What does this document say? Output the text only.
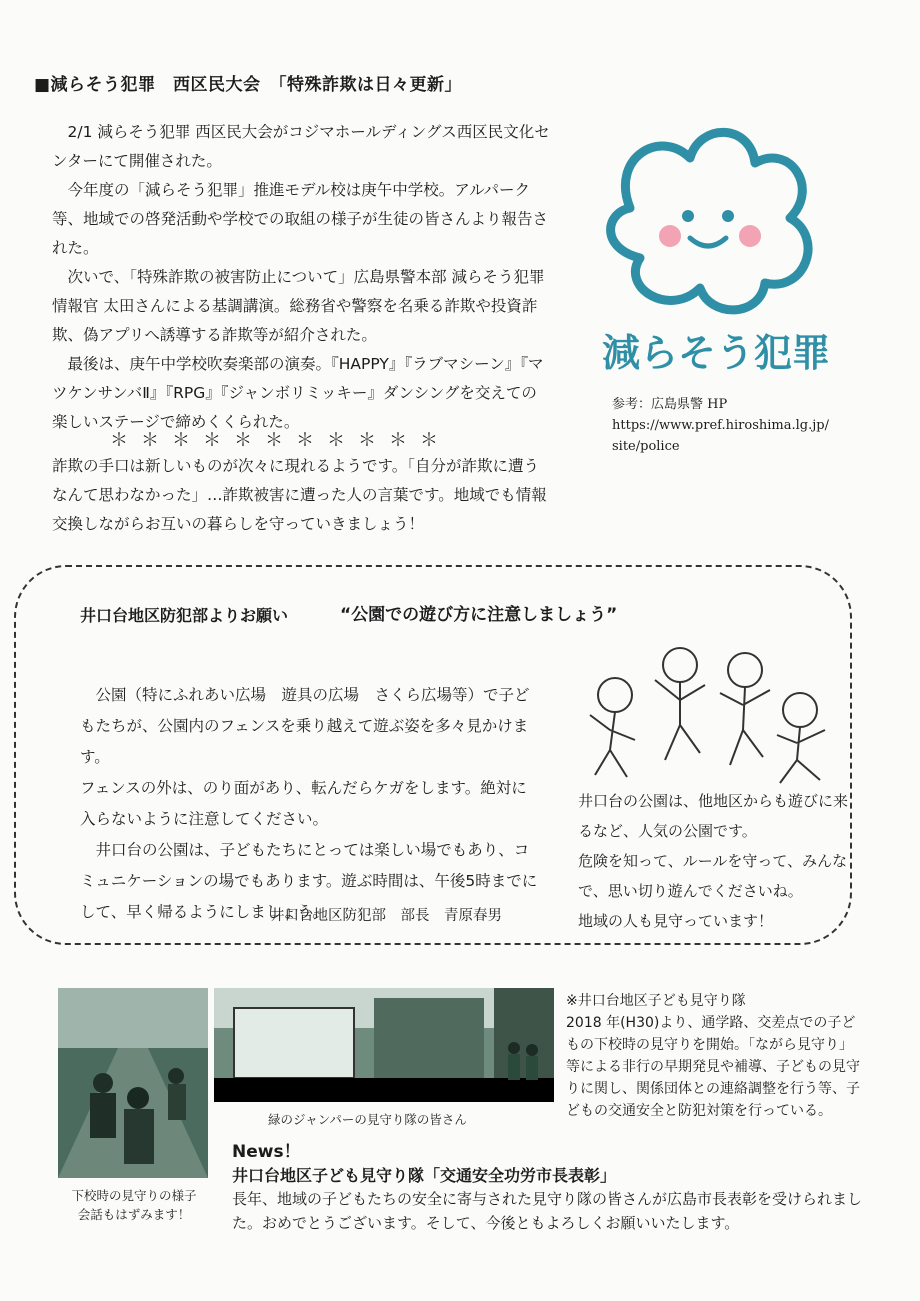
■減らそう犯罪　西区民大会　「特殊詐欺は日々更新」

2/1 減らそう犯罪 西区民大会がコジマホールディングス西区民文化センターにて開催された。

今年度の「減らそう犯罪」推進モデル校は庚午中学校。アルパーク等、地域での啓発活動や学校での取組の様子が生徒の皆さんより報告された。

次いで、「特殊詐欺の被害防止について」広島県警本部 減らそう犯罪情報官 太田さんによる基調講演。総務省や警察を名乗る詐欺や投資詐欺、偽アプリへ誘導する詐欺等が紹介された。

最後は、庚午中学校吹奏楽部の演奏。『HAPPY』『ラブマシーン』『マツケンサンバⅡ』『RPG』『ジャンボリミッキー』ダンシングを交えての楽しいステージで締めくくられた。

＊＊＊＊＊＊＊＊＊＊＊
詐欺の手口は新しいものが次々に現れるようです。「自分が詐欺に遭うなんて思わなかった」…詐欺被害に遭った人の言葉です。地域でも情報交換しながらお互いの暮らしを守っていきましょう！
減らそう犯罪
参考：広島県警 HP
https://www.pref.hiroshima.lg.jp/
site/police
井口台地区防犯部よりお願い	“公園での遊び方に注意しましょう”

公園（特にふれあい広場　遊具の広場　さくら広場等）で子どもたちが、公園内のフェンスを乗り越えて遊ぶ姿を多々見かけます。

フェンスの外は、のり面があり、転んだらケガをします。絶対に入らないように注意してください。

井口台の公園は、子どもたちにとっては楽しい場でもあり、コミュニケーションの場でもあります。遊ぶ時間は、午後5時までにして、早く帰るようにしましょう。

井口台地区防犯部　部長　青原春男

井口台の公園は、他地区からも遊びに来るなど、人気の公園です。

危険を知って、ルールを守って、みんなで、思い切り遊んでくださいね。

地域の人も見守っています！

下校時の見守りの様子
会話もはずみます！
緑のジャンパーの見守り隊の皆さん

※井口台地区子ども見守り隊

2018 年(H30)より、通学路、交差点での子どもの下校時の見守りを開始。「ながら見守り」等による非行の早期発見や補導、子どもの見守りに関し、関係団体との連絡調整を行う等、子どもの交通安全と防犯対策を行っている。

News！
井口台地区子ども見守り隊「交通安全功労市長表彰」

長年、地域の子どもたちの安全に寄与された見守り隊の皆さんが広島市長表彰を受けられました。おめでとうございます。そして、今後ともよろしくお願いいたします。
